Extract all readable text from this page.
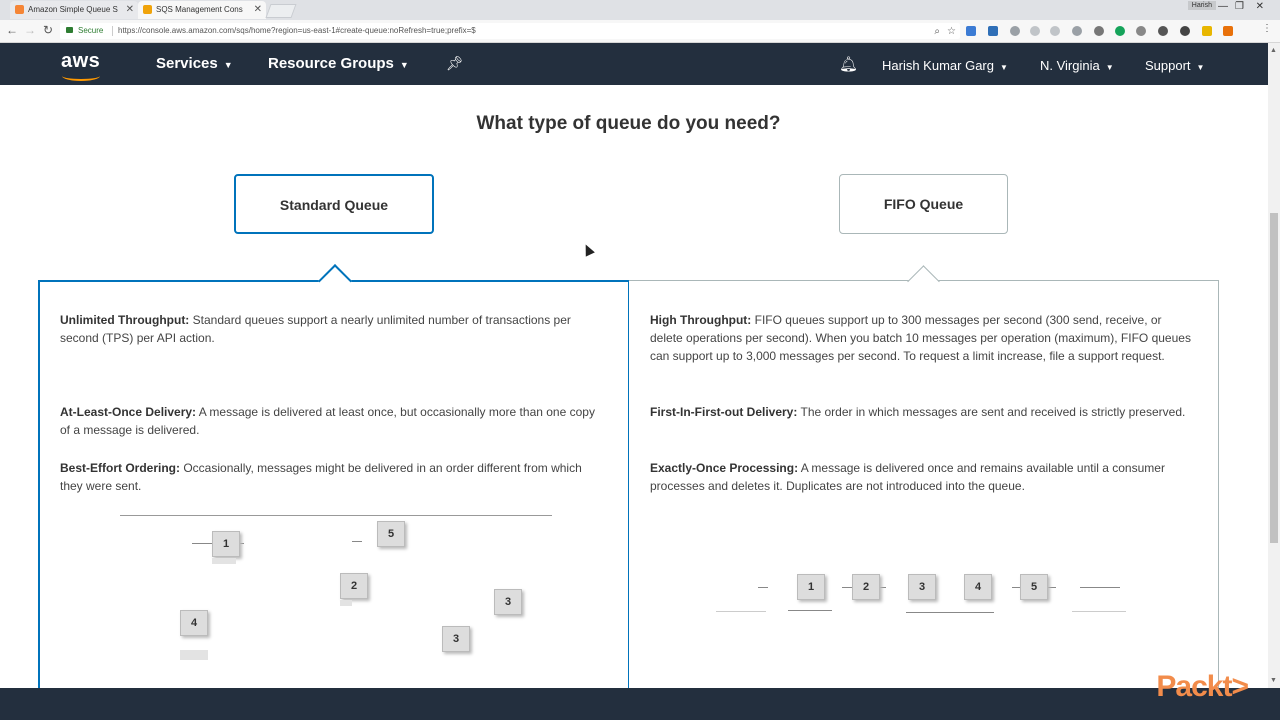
Amazon Simple Queue S ✕	SQS Management Cons ✕	Harish — ❐ ✕
← → ↻	Secure https://console.aws.amazon.com/sqs/home?region=us-east-1#create-queue:noRefresh=true;prefix=$	⌕ ☆	⋮
aws	Services ▼ Resource Groups ▼	📌︎	🔔︎ Harish Kumar Garg ▼ N. Virginia ▼ Support ▼
▲
▼
What type of queue do you need?
Standard Queue	FIFO Queue
Unlimited Throughput: Standard queues support a nearly unlimited number of transactions per second (TPS) per API action.
At-Least-Once Delivery: A message is delivered at least once, but occasionally more than one copy of a message is delivered.
Best-Effort Ordering: Occasionally, messages might be delivered in an order different from which they were sent.
1
5
2
3
4
3
High Throughput: FIFO queues support up to 300 messages per second (300 send, receive, or delete operations per second). When you batch 10 messages per operation (maximum), FIFO queues can support up to 3,000 messages per second. To request a limit increase, file a support request.
First-In-First-out Delivery: The order in which messages are sent and received is strictly preserved.
Exactly-Once Processing: A message is delivered once and remains available until a consumer processes and deletes it. Duplicates are not introduced into the queue.
1	2	3	4	5
Packt>
